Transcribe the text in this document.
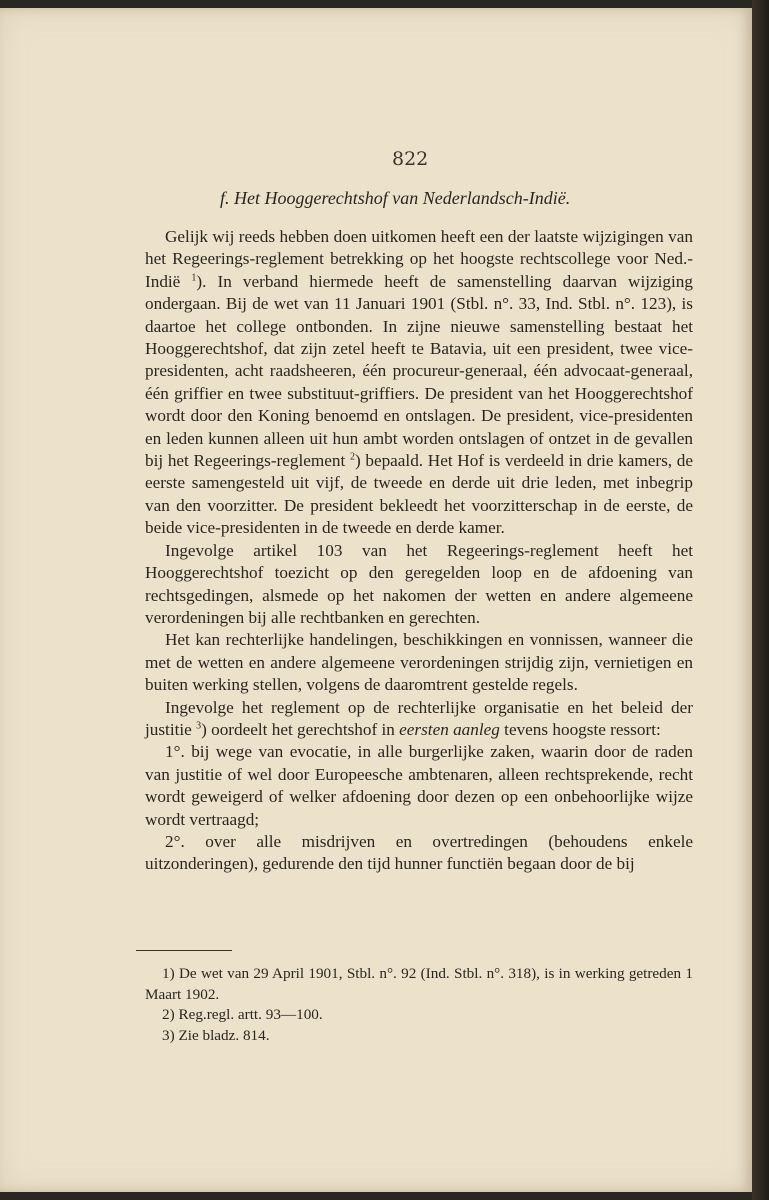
822
f. Het Hooggerechtshof van Nederlandsch-Indië.

Gelijk wij reeds hebben doen uitkomen heeft een der laatste wijzigingen van het Regeerings-reglement betrekking op het hoogste rechtscollege voor Ned.-Indië $^1$). In verband hiermede heeft de samenstelling daarvan wijziging ondergaan. Bij de wet van 11 Januari 1901 (Stbl. n°. 33, Ind. Stbl. n°. 123), is daartoe het college ontbonden. In zijne nieuwe samenstelling bestaat het Hooggerechtshof, dat zijn zetel heeft te Batavia, uit een president, twee vice-presidenten, acht raadsheeren, één procureur-generaal, één advocaat-generaal, één griffier en twee substituut-griffiers. De president van het Hooggerechtshof wordt door den Koning benoemd en ontslagen. De president, vice-presidenten en leden kunnen alleen uit hun ambt worden ontslagen of ontzet in de gevallen bij het Regeerings-reglement $^2$) bepaald. Het Hof is verdeeld in drie kamers, de eerste samengesteld uit vijf, de tweede en derde uit drie leden, met inbegrip van den voorzitter. De president bekleedt het voorzitterschap in de eerste, de beide vice-presidenten in de tweede en derde kamer.

Ingevolge artikel 103 van het Regeerings-reglement heeft het Hooggerechtshof toezicht op den geregelden loop en de afdoening van rechtsgedingen, alsmede op het nakomen der wetten en andere algemeene verordeningen bij alle rechtbanken en gerechten.

Het kan rechterlijke handelingen, beschikkingen en vonnissen, wanneer die met de wetten en andere algemeene verordeningen strijdig zijn, vernietigen en buiten werking stellen, volgens de daaromtrent gestelde regels.

Ingevolge het reglement op de rechterlijke organisatie en het beleid der justitie $^3$) oordeelt het gerechtshof in eersten aanleg tevens hoogste ressort:

1°. bij wege van evocatie, in alle burgerlijke zaken, waarin door de raden van justitie of wel door Europeesche ambtenaren, alleen rechtsprekende, recht wordt geweigerd of welker afdoening door dezen op een onbehoorlijke wijze wordt vertraagd;

2°. over alle misdrijven en overtredingen (behoudens enkele uitzonderingen), gedurende den tijd hunner functiën begaan door de bij

1) De wet van 29 April 1901, Stbl. n°. 92 (Ind. Stbl. n°. 318), is in werking getreden 1 Maart 1902.

2) Reg.regl. artt. 93—100.

3) Zie bladz. 814.
